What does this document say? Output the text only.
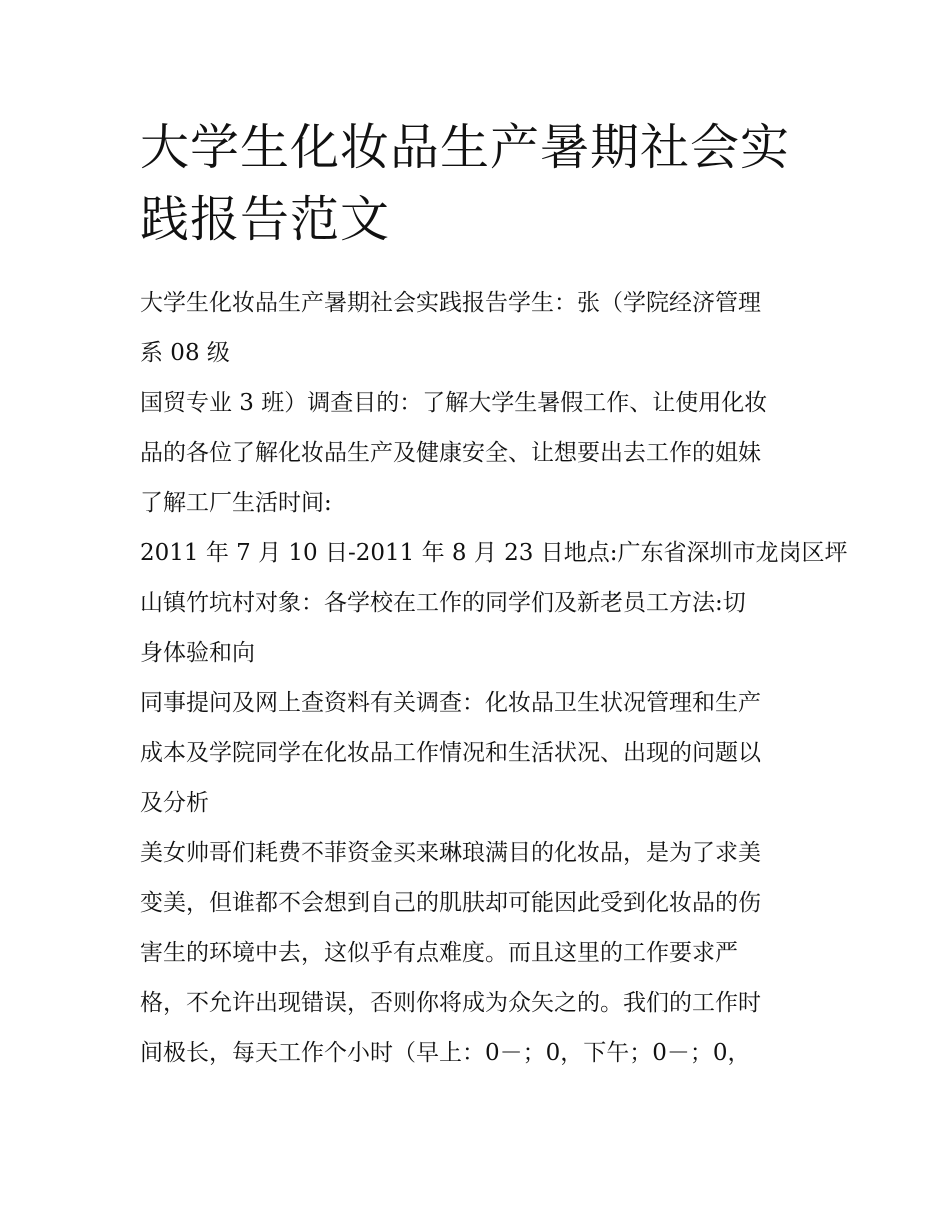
大学生化妆品生产暑期社会实
践报告范文

大学生化妆品生产暑期社会实践报告学生：张（学院经济管理

系 08 级

国贸专业 3 班）调查目的：了解大学生暑假工作、让使用化妆

品的各位了解化妆品生产及健康安全、让想要出去工作的姐妹

了解工厂生活时间:

2011 年 7 月 10 日-2011 年 8 月 23 日地点:广东省深圳市龙岗区坪

山镇竹坑村对象：各学校在工作的同学们及新老员工方法:切

身体验和向

同事提问及网上查资料有关调查：化妆品卫生状况管理和生产

成本及学院同学在化妆品工作情况和生活状况、出现的问题以

及分析

美女帅哥们耗费不菲资金买来琳琅满目的化妆品，是为了求美

变美，但谁都不会想到自己的肌肤却可能因此受到化妆品的伤

害生的环境中去，这似乎有点难度。而且这里的工作要求严

格，不允许出现错误，否则你将成为众矢之的。我们的工作时

间极长，每天工作个小时（早上：0－；0，下午；0－；0，
